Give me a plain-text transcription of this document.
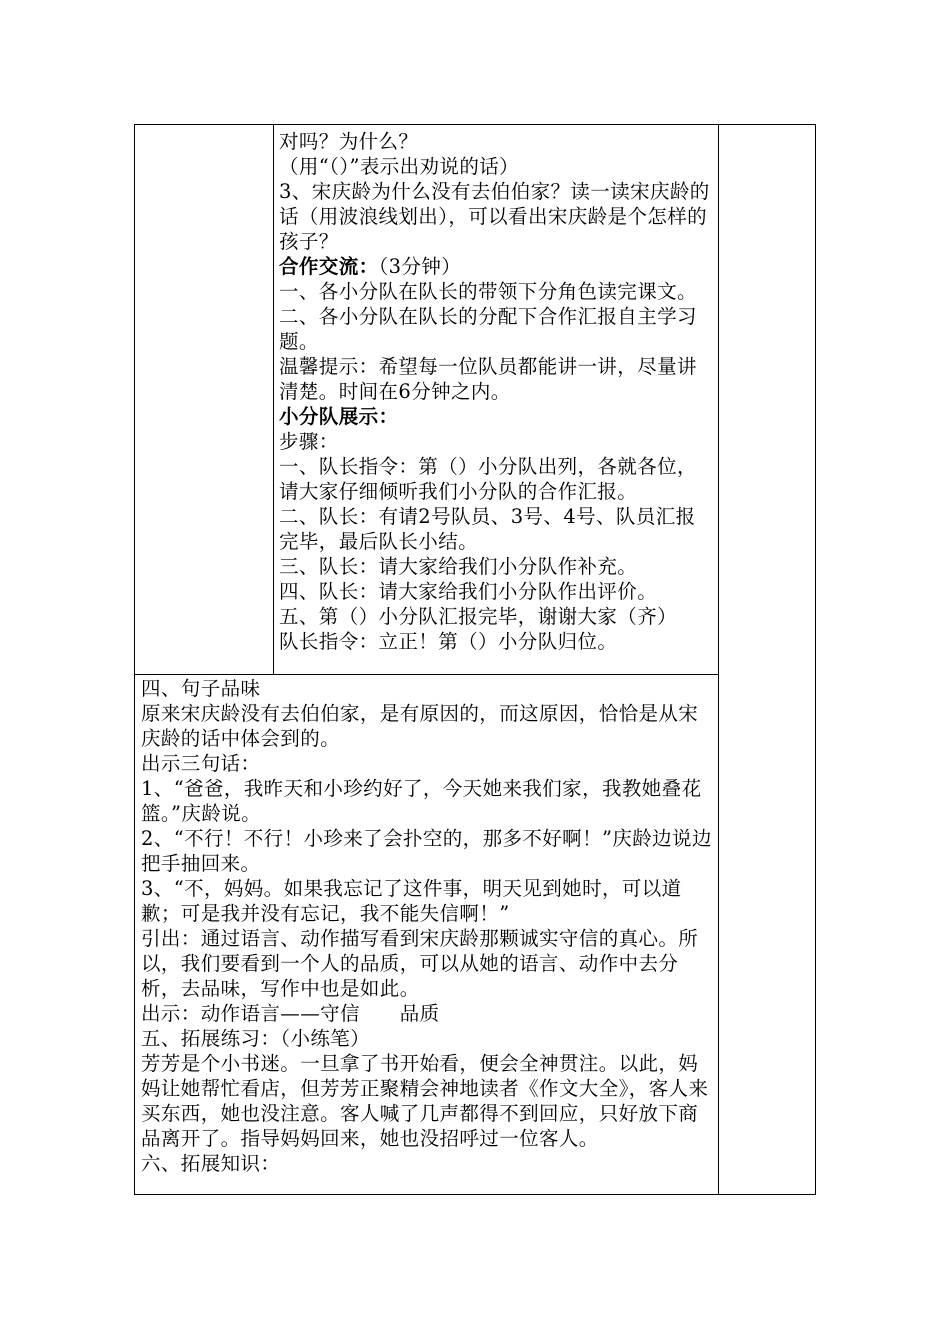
对吗？为什么？

（用“（）”表示出劝说的话）

3、宋庆龄为什么没有去伯伯家？读一读宋庆龄的话（用波浪线划出），可以看出宋庆龄是个怎样的孩子？

合作交流：（3分钟）

一、各小分队在队长的带领下分角色读完课文。

二、各小分队在队长的分配下合作汇报自主学习题。

温馨提示：希望每一位队员都能讲一讲，尽量讲清楚。时间在6分钟之内。

小分队展示：

步骤：

一、队长指令：第（）小分队出列，各就各位，请大家仔细倾听我们小分队的合作汇报。

二、队长：有请2号队员、3号、4号、队员汇报完毕，最后队长小结。

三、队长：请大家给我们小分队作补充。

四、队长：请大家给我们小分队作出评价。

五、第（）小分队汇报完毕，谢谢大家（齐）

队长指令：立正！第（）小分队归位。

四、句子品味

原来宋庆龄没有去伯伯家，是有原因的，而这原因，恰恰是从宋庆龄的话中体会到的。

出示三句话：

1、“爸爸，我昨天和小珍约好了，今天她来我们家，我教她叠花篮。”庆龄说。

2、“不行！不行！小珍来了会扑空的，那多不好啊！”庆龄边说边把手抽回来。

3、“不，妈妈。如果我忘记了这件事，明天见到她时，可以道歉；可是我并没有忘记，我不能失信啊！”

引出：通过语言、动作描写看到宋庆龄那颗诚实守信的真心。所以，我们要看到一个人的品质，可以从她的语言、动作中去分析，去品味，写作中也是如此。

出示：动作语言——守信　　品质

五、拓展练习：（小练笔）

芳芳是个小书迷。一旦拿了书开始看，便会全神贯注。以此，妈妈让她帮忙看店，但芳芳正聚精会神地读者《作文大全》，客人来买东西，她也没注意。客人喊了几声都得不到回应，只好放下商品离开了。指导妈妈回来，她也没招呼过一位客人。

六、拓展知识：
